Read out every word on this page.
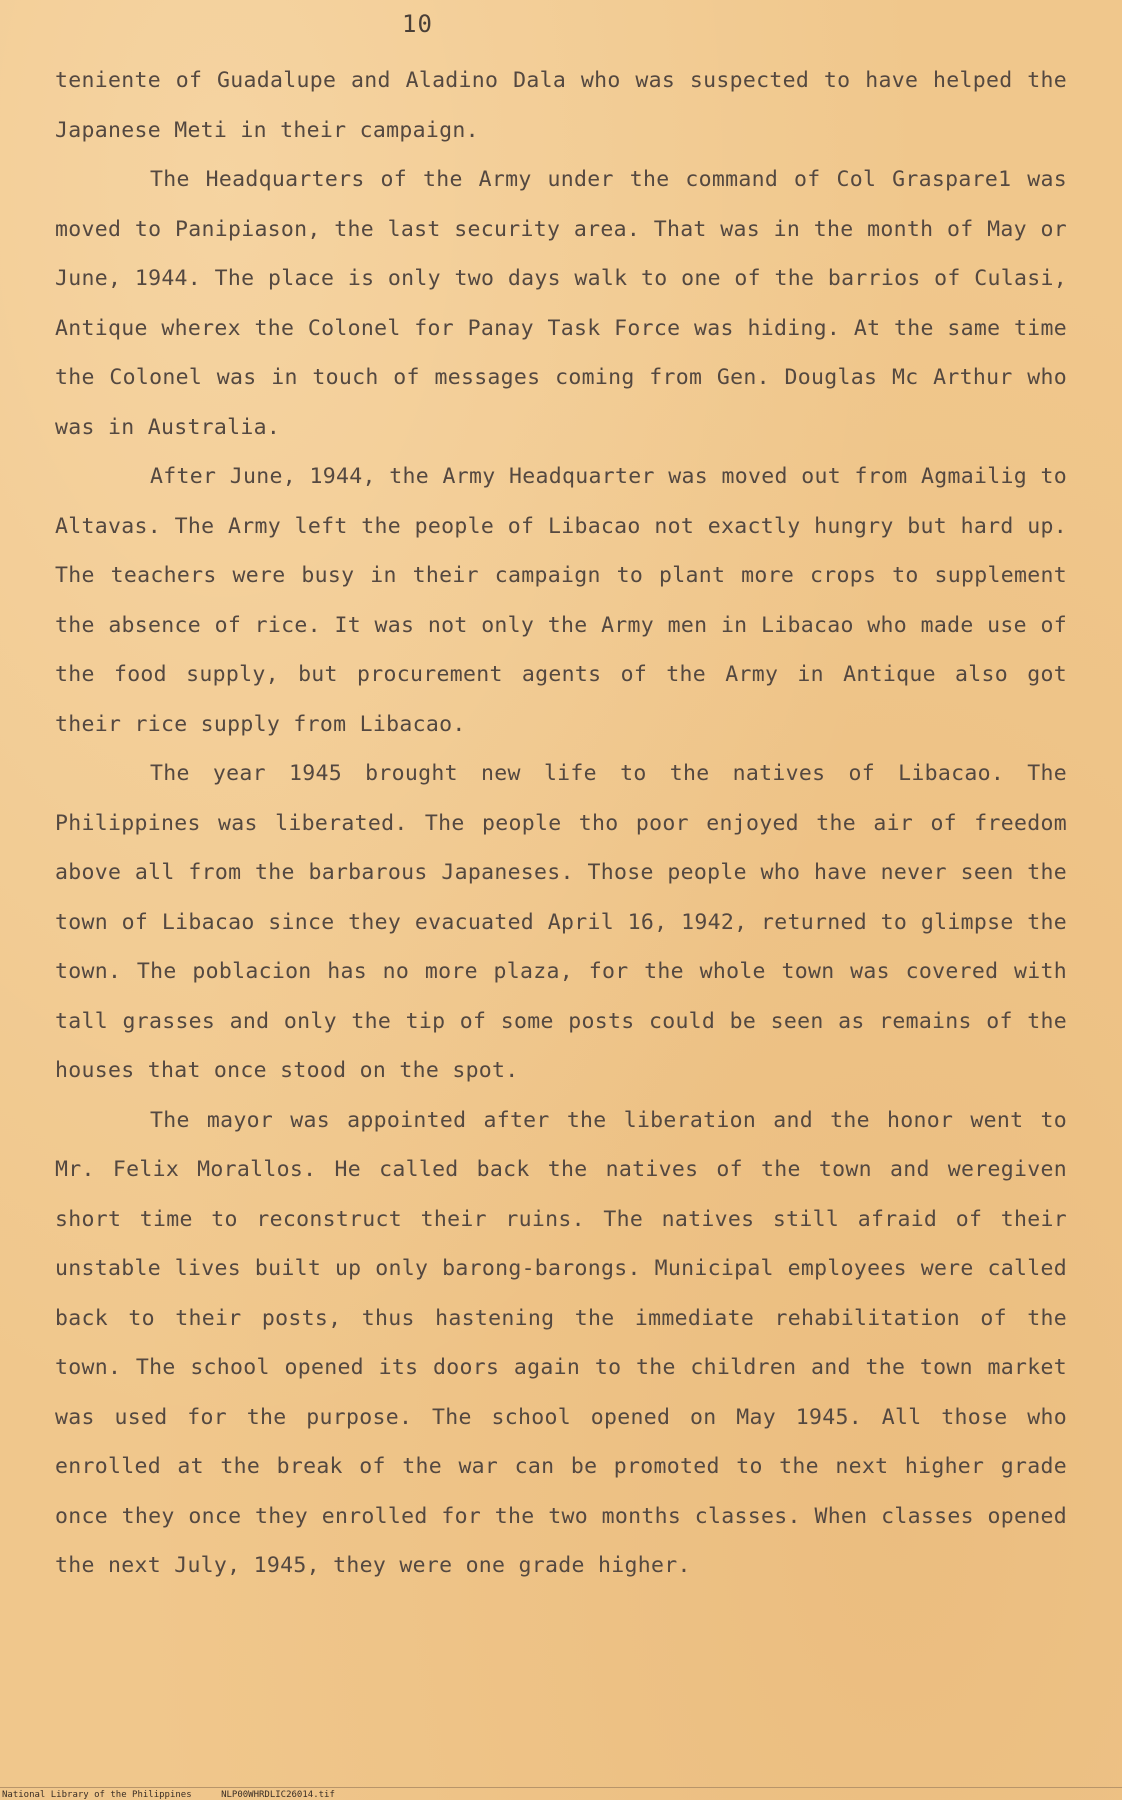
10

teniente of Guadalupe and Aladino Dala who was suspected to have helped the Japanese Meti in their campaign.

The Headquarters of the Army under the command of Col Graspare1 was moved to Panipiason, the last security area. That was in the month of May or June, 1944. The place is only two days walk to one of the barrios of Culasi, Antique wherex the Colonel for Panay Task Force was hiding. At the same time the Colonel was in touch of messages coming from Gen. Douglas Mc Arthur who was in Australia.

After June, 1944, the Army Headquarter was moved out from Agmailig to Altavas. The Army left the people of Libacao not exactly hungry but hard up. The teachers were busy in their campaign to plant more crops to supplement the absence of rice. It was not only the Army men in Libacao who made use of the food supply, but procurement agents of the Army in Antique also got their rice supply from Libacao.

The year 1945 brought new life to the natives of Libacao. The Philippines was liberated. The people tho poor enjoyed the air of freedom above all from the barbarous Japaneses. Those people who have never seen the town of Libacao since they evacuated April 16, 1942, returned to glimpse the town. The poblacion has no more plaza, for the whole town was covered with tall grasses and only the tip of some posts could be seen as remains of the houses that once stood on the spot.

The mayor was appointed after the liberation and the honor went to Mr. Felix Morallos. He called back the natives of the town and weregiven short time to reconstruct their ruins. The natives still afraid of their unstable lives built up only barong-barongs. Municipal employees were called back to their posts, thus hastening the immediate rehabilitation of the town. The school opened its doors again to the children and the town market was used for the purpose. The school opened on May 1945. All those who enrolled at the break of the war can be promoted to the next higher grade once they once they enrolled for the two months classes. When classes opened the next July, 1945, they were one grade higher.

National Library of the Philippines	NLP00WHRDLIC26014.tif
